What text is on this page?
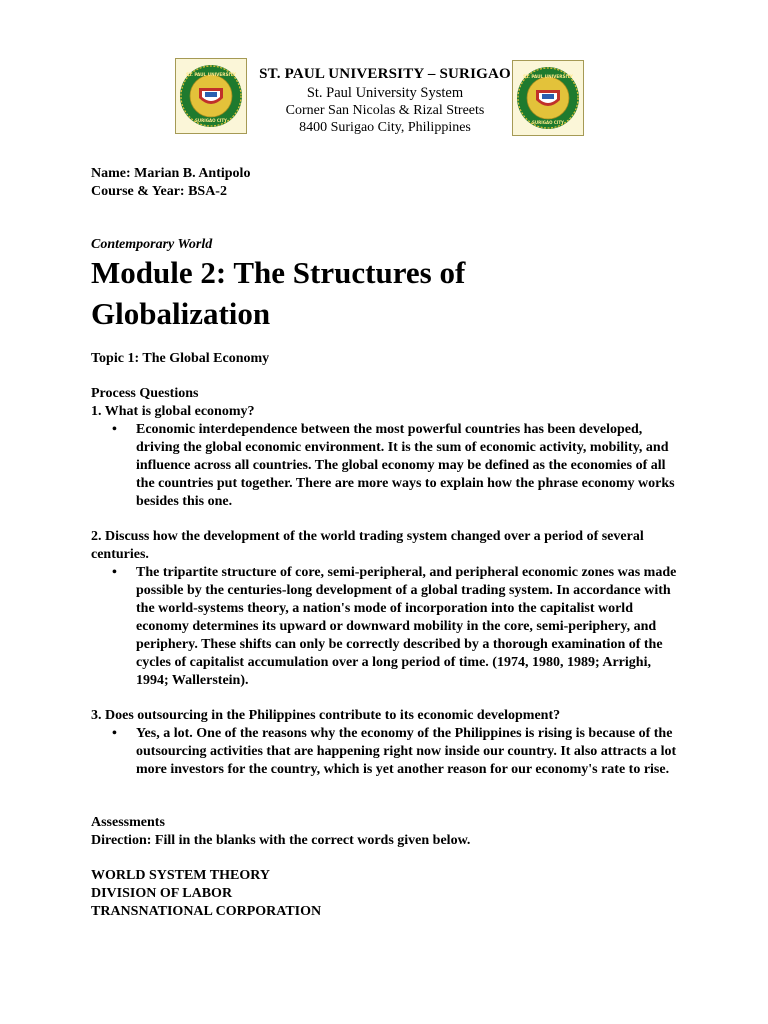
ST. PAUL UNIVERSITY
SURIGAO CITY
ST. PAUL UNIVERSITY – SURIGAO
St. Paul University System
Corner San Nicolas & Rizal Streets
8400 Surigao City, Philippines
ST. PAUL UNIVERSITY
SURIGAO CITY
Name: Marian B. Antipolo
Course & Year: BSA-2
Contemporary World
Module 2: The Structures of Globalization
Topic 1: The Global Economy
Process Questions
1. What is global economy?
• Economic interdependence between the most powerful countries has been developed, driving the global economic environment. It is the sum of economic activity, mobility, and influence across all countries. The global economy may be defined as the economies of all the countries put together. There are more ways to explain how the phrase economy works besides this one.
2. Discuss how the development of the world trading system changed over a period of several centuries.
• The tripartite structure of core, semi-peripheral, and peripheral economic zones was made possible by the centuries-long development of a global trading system. In accordance with the world-systems theory, a nation's mode of incorporation into the capitalist world economy determines its upward or downward mobility in the core, semi-periphery, and periphery. These shifts can only be correctly described by a thorough examination of the cycles of capitalist accumulation over a long period of time. (1974, 1980, 1989; Arrighi, 1994; Wallerstein).
3. Does outsourcing in the Philippines contribute to its economic development?
• Yes, a lot. One of the reasons why the economy of the Philippines is rising is because of the outsourcing activities that are happening right now inside our country. It also attracts a lot more investors for the country, which is yet another reason for our economy's rate to rise.
Assessments
Direction: Fill in the blanks with the correct words given below.
WORLD SYSTEM THEORY
DIVISION OF LABOR
TRANSNATIONAL CORPORATION
